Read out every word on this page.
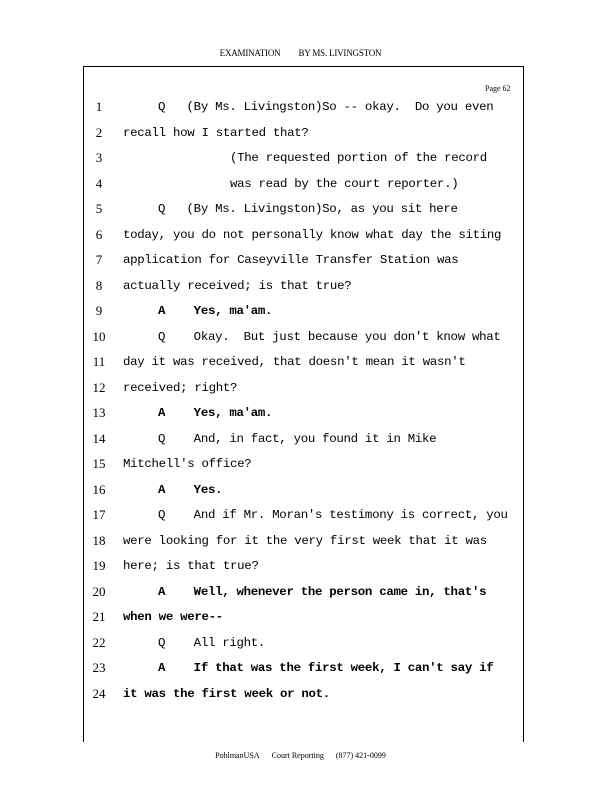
EXAMINATION BY MS. LIVINGSTON
Page 62
1	Q   (By Ms. Livingston)So -- okay.  Do you even
2	recall how I started that?
3	(The requested portion of the record
4	was read by the court reporter.)
5	Q   (By Ms. Livingston)So, as you sit here
6	today, you do not personally know what day the siting
7	application for Caseyville Transfer Station was
8	actually received; is that true?
9	A    Yes, ma'am.
10	Q    Okay.  But just because you don't know what
11 day it was received, that doesn't mean it wasn't
12 received; right?
13	A    Yes, ma'am.
14	Q    And, in fact, you found it in Mike
15 Mitchell's office?
16	A    Yes.
17	Q    And if Mr. Moran's testimony is correct, you
18 were looking for it the very first week that it was
19 here; is that true?
20	A    Well, whenever the person came in, that's
21 when we were--
22	Q    All right.
23	A    If that was the first week, I can't say if
24 it was the first week or not.
PohlmanUSA Court Reporting (877) 421-0099
